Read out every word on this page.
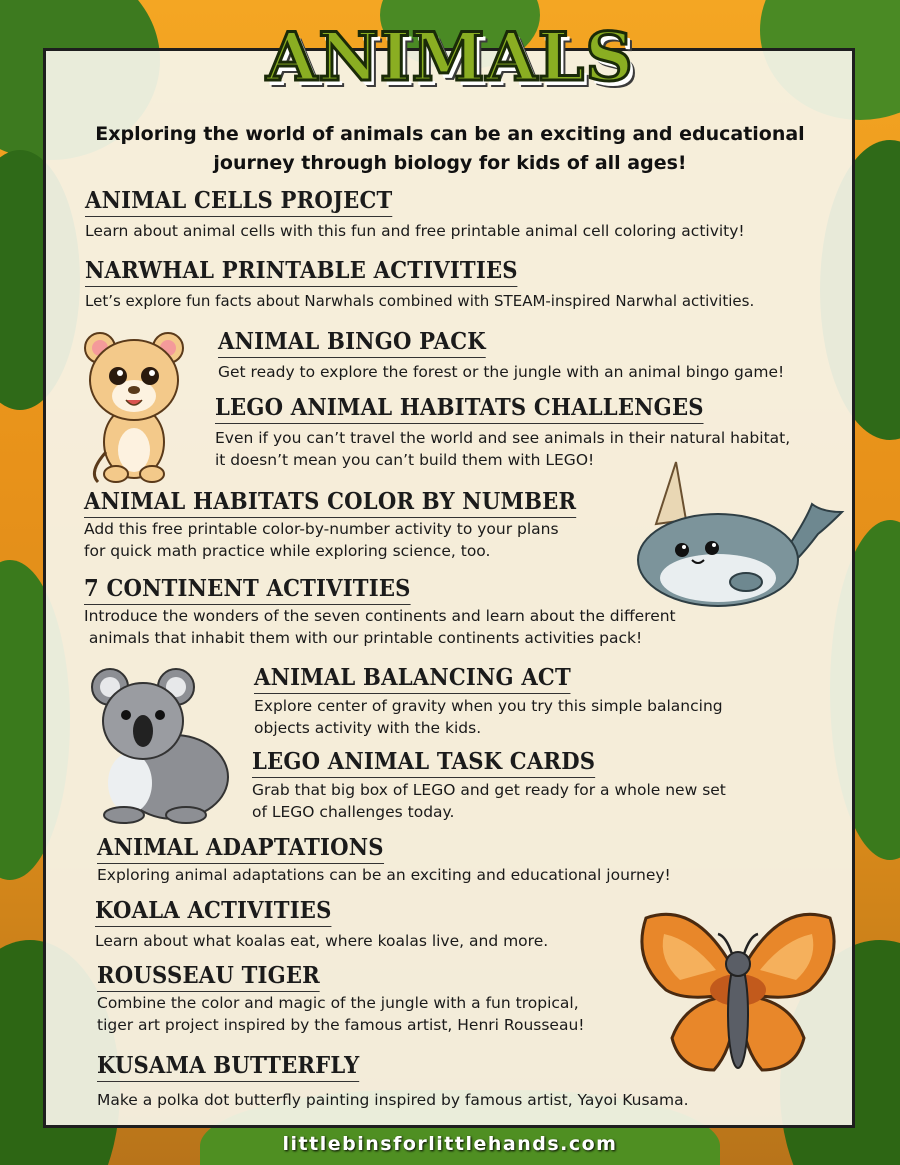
ANIMALS
Exploring the world of animals can be an exciting and educational journey through biology for kids of all ages!
ANIMAL CELLS PROJECT

Learn about animal cells with this fun and free printable animal cell coloring activity!

NARWHAL PRINTABLE ACTIVITIES

Let’s explore fun facts about Narwhals combined with STEAM-inspired Narwhal activities.

ANIMAL BINGO PACK

Get ready to explore the forest or the jungle with an animal bingo game!

LEGO ANIMAL HABITATS CHALLENGES

Even if you can’t travel the world and see animals in their natural habitat,

it doesn’t mean you can’t build them with LEGO!

ANIMAL HABITATS COLOR BY NUMBER

Add this free printable color-by-number activity to your plans

for quick math practice while exploring science, too.

7 CONTINENT ACTIVITIES

Introduce the wonders of the seven continents and learn about the different

animals that inhabit them with our printable continents activities pack!

ANIMAL BALANCING ACT

Explore center of gravity when you try this simple balancing

objects activity with the kids.

LEGO ANIMAL TASK CARDS

Grab that big box of LEGO and get ready for a whole new set

of LEGO challenges today.

ANIMAL ADAPTATIONS

Exploring animal adaptations can be an exciting and educational journey!

KOALA ACTIVITIES

Learn about what koalas eat, where koalas live, and more.

ROUSSEAU TIGER

Combine the color and magic of the jungle with a fun tropical,

tiger art project inspired by the famous artist, Henri Rousseau!

KUSAMA BUTTERFLY

Make a polka dot butterfly painting inspired by famous artist, Yayoi Kusama.

littlebinsforlittlehands.com
